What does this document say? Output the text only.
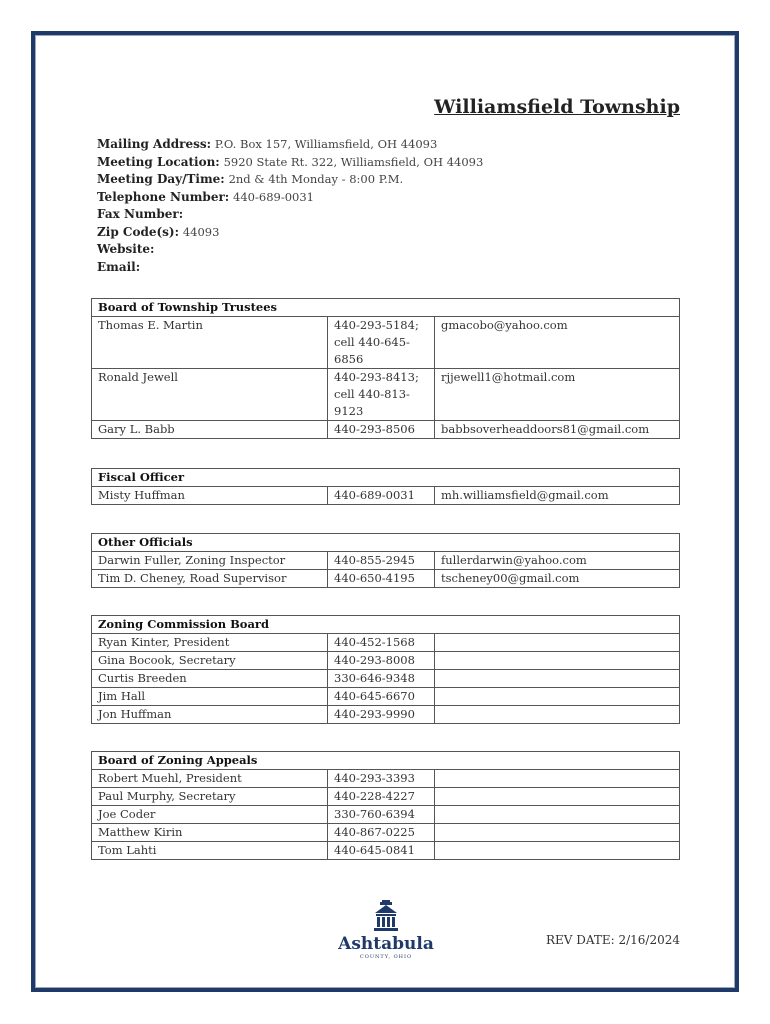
Williamsfield Township
Mailing Address: P.O. Box 157, Williamsfield, OH 44093
Meeting Location: 5920 State Rt. 322, Williamsfield, OH 44093
Meeting Day/Time: 2nd & 4th Monday - 8:00 P.M.
Telephone Number: 440-689-0031
Fax Number:
Zip Code(s): 44093
Website:
Email:
Board of Township Trustees		
Thomas E. Martin	440-293-5184; cell 440-645-6856	gmacobo@yahoo.com
Ronald Jewell	440-293-8413; cell 440-813-9123	rjjewell1@hotmail.com
Gary L. Babb	440-293-8506	babbsoverheaddoors81@gmail.com
Fiscal Officer
Misty Huffman	440-689-0031	mh.williamsfield@gmail.com
Other Officials		
Darwin Fuller, Zoning Inspector	440-855-2945	fullerdarwin@yahoo.com
Tim D. Cheney, Road Supervisor	440-650-4195	tscheney00@gmail.com
Zoning Commission Board		
Ryan Kinter, President	440-452-1568	
Gina Bocook, Secretary	440-293-8008	
Curtis Breeden	330-646-9348	
Jim Hall	440-645-6670	
Jon Huffman	440-293-9990	
Board of Zoning Appeals		
Robert Muehl, President	440-293-3393	
Paul Murphy, Secretary	440-228-4227	
Joe Coder	330-760-6394	
Matthew Kirin	440-867-0225	
Tom Lahti	440-645-0841	
Ashtabula
COUNTY, OHIO
REV DATE: 2/16/2024
